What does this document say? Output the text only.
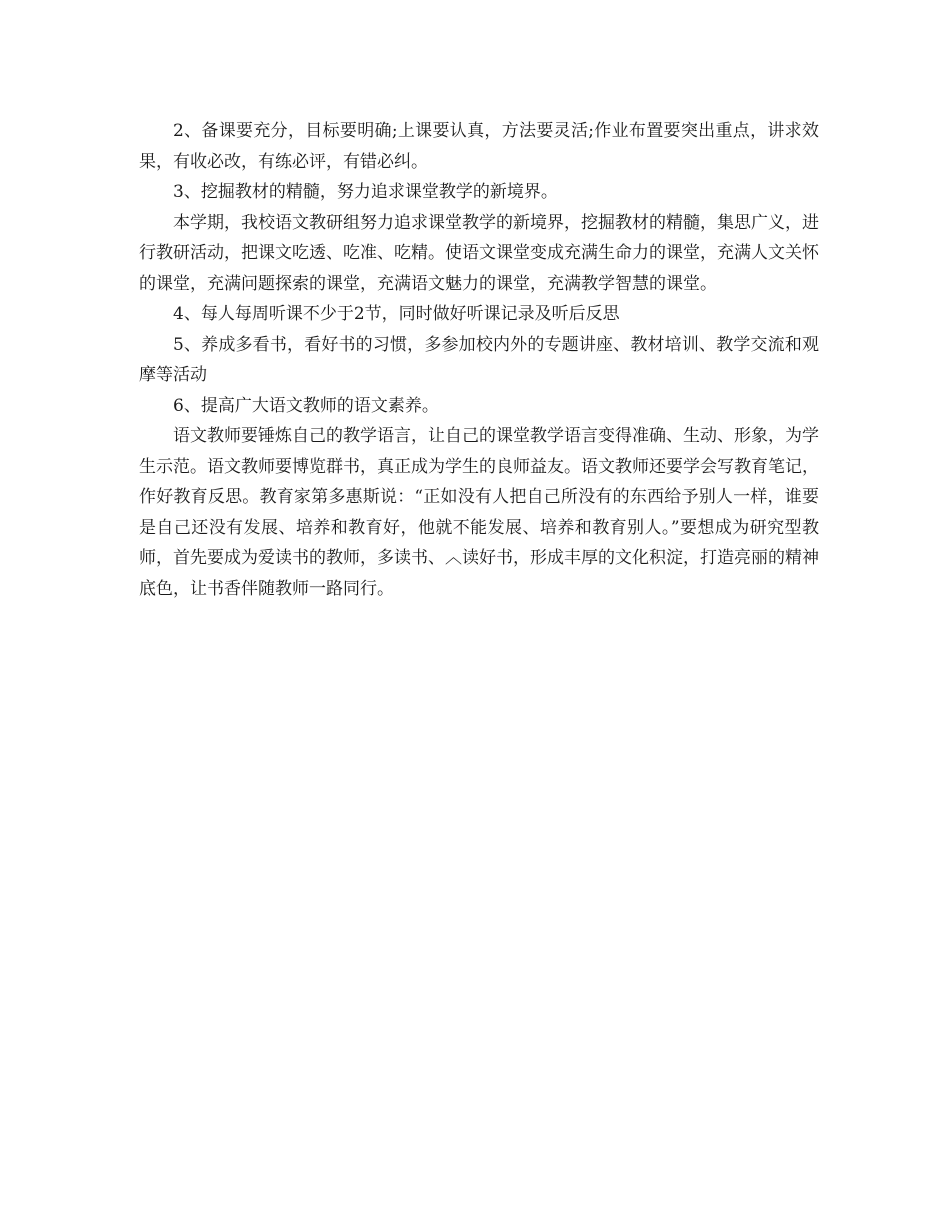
2、备课要充分，目标要明确;上课要认真，方法要灵活;作业布置要突出重点，讲求效果，有收必改，有练必评，有错必纠。

3、挖掘教材的精髓，努力追求课堂教学的新境界。

本学期，我校语文教研组努力追求课堂教学的新境界，挖掘教材的精髓，集思广义，进行教研活动，把课文吃透、吃准、吃精。使语文课堂变成充满生命力的课堂，充满人文关怀的课堂，充满问题探索的课堂，充满语文魅力的课堂，充满教学智慧的课堂。

4、每人每周听课不少于2节，同时做好听课记录及听后反思

5、养成多看书，看好书的习惯，多参加校内外的专题讲座、教材培训、教学交流和观摩等活动

6、提高广大语文教师的语文素养。

语文教师要锤炼自己的教学语言，让自己的课堂教学语言变得准确、生动、形象，为学生示范。语文教师要博览群书，真正成为学生的良师益友。语文教师还要学会写教育笔记，作好教育反思。教育家第多惠斯说：“正如没有人把自己所没有的东西给予别人一样，谁要是自己还没有发展、培养和教育好，他就不能发展、培养和教育别人。”要想成为研究型教师，首先要成为爱读书的教师，多读书、︿读好书，形成丰厚的文化积淀，打造亮丽的精神底色，让书香伴随教师一路同行。
